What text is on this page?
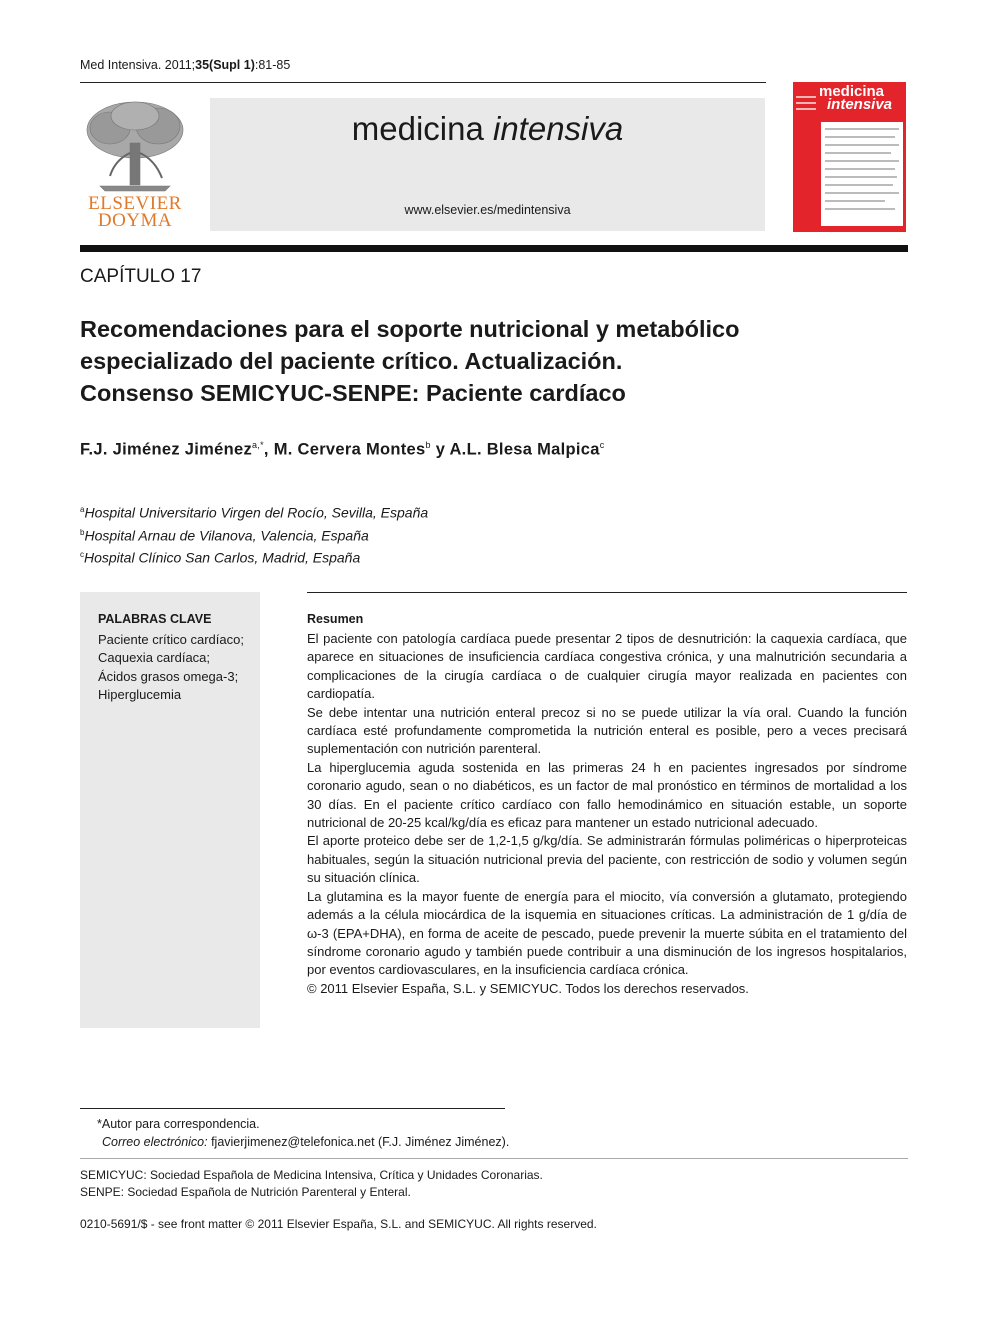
Med Intensiva. 2011;35(Supl 1):81-85
ELSEVIER
DOYMA
medicina intensiva
www.elsevier.es/medintensiva
medicina
intensiva
CAPÍTULO 17
Recomendaciones para el soporte nutricional y metabólico
especializado del paciente crítico. Actualización.
Consenso SEMICYUC-SENPE: Paciente cardíaco
F.J. Jiménez Jiménez$^{a,*}$, M. Cervera Montes$^b$ y A.L. Blesa Malpica$^c$
$^a$Hospital Universitario Virgen del Rocío, Sevilla, España
$^b$Hospital Arnau de Vilanova, Valencia, España
$^c$Hospital Clínico San Carlos, Madrid, España
PALABRAS CLAVE
Paciente crítico cardíaco;
Caquexia cardíaca;
Ácidos grasos omega-3;
Hiperglucemia
Resumen

El paciente con patología cardíaca puede presentar 2 tipos de desnutrición: la caquexia cardíaca, que aparece en situaciones de insuficiencia cardíaca congestiva crónica, y una malnutrición secundaria a complicaciones de la cirugía cardíaca o de cualquier cirugía mayor realizada en pacientes con cardiopatía.

Se debe intentar una nutrición enteral precoz si no se puede utilizar la vía oral. Cuando la función cardíaca esté profundamente comprometida la nutrición enteral es posible, pero a veces precisará suplementación con nutrición parenteral.

La hiperglucemia aguda sostenida en las primeras 24 h en pacientes ingresados por síndrome coronario agudo, sean o no diabéticos, es un factor de mal pronóstico en términos de mortalidad a los 30 días. En el paciente crítico cardíaco con fallo hemodinámico en situación estable, un soporte nutricional de 20-25 kcal/kg/día es eficaz para mantener un estado nutricional adecuado.

El aporte proteico debe ser de 1,2-1,5 g/kg/día. Se administrarán fórmulas poliméricas o hiperproteicas habituales, según la situación nutricional previa del paciente, con restricción de sodio y volumen según su situación clínica.

La glutamina es la mayor fuente de energía para el miocito, vía conversión a glutamato, protegiendo además a la célula miocárdica de la isquemia en situaciones críticas. La administración de 1 g/día de ω-3 (EPA+DHA), en forma de aceite de pescado, puede prevenir la muerte súbita en el tratamiento del síndrome coronario agudo y también puede contribuir a una disminución de los ingresos hospitalarios, por eventos cardiovasculares, en la insuficiencia cardíaca crónica.

© 2011 Elsevier España, S.L. y SEMICYUC. Todos los derechos reservados.

*Autor para correspondencia.
Correo electrónico: fjavierjimenez@telefonica.net (F.J. Jiménez Jiménez).
SEMICYUC: Sociedad Española de Medicina Intensiva, Crítica y Unidades Coronarias.
SENPE: Sociedad Española de Nutrición Parenteral y Enteral.
0210-5691/$ - see front matter © 2011 Elsevier España, S.L. and SEMICYUC. All rights reserved.
